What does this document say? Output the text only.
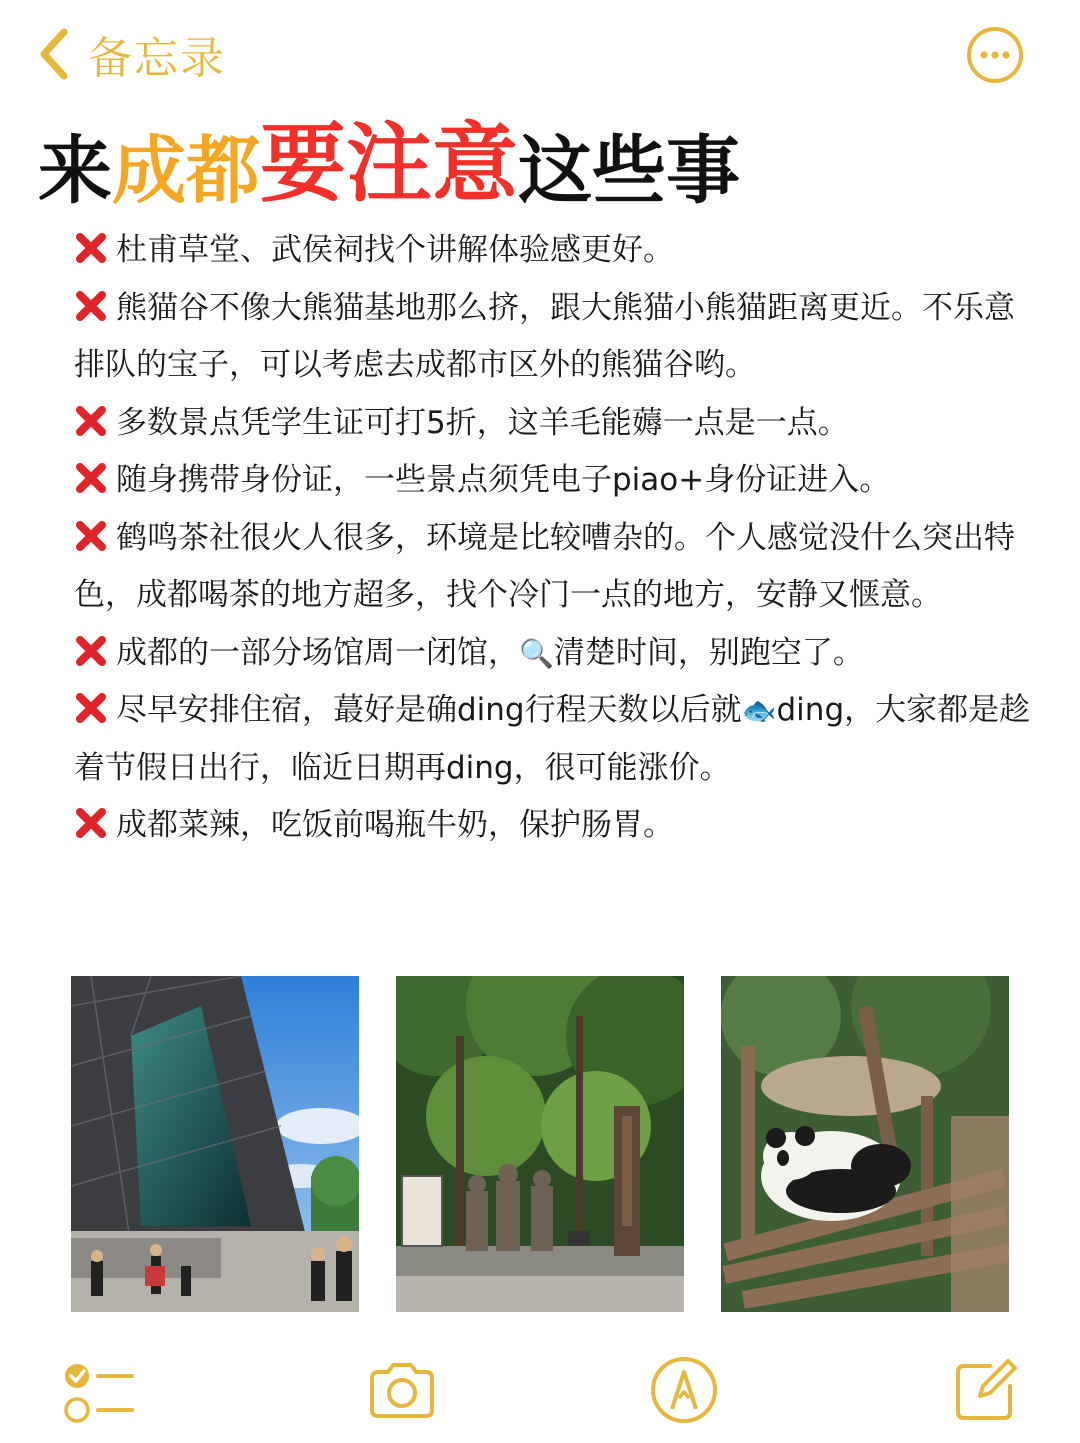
备忘录
来 成都 要注意 这些事

杜甫草堂、武侯祠找个讲解体验感更好。

熊猫谷不像大熊猫基地那么挤，跟大熊猫小熊猫距离更近。不乐意排队的宝子，可以考虑去成都市区外的熊猫谷哟。

多数景点凭学生证可打5折，这羊毛能薅一点是一点。

随身携带身份证，一些景点须凭电子piao+身份证进入。

鹤鸣茶社很火人很多，环境是比较嘈杂的。个人感觉没什么突出特色，成都喝茶的地方超多，找个冷门一点的地方，安静又惬意。

成都的一部分场馆周一闭馆，🔍清楚时间，别跑空了。

尽早安排住宿，蕞好是确ding行程天数以后就🐟ding，大家都是趁着节假日出行，临近日期再ding，很可能涨价。

成都菜辣，吃饭前喝瓶牛奶，保护肠胃。
